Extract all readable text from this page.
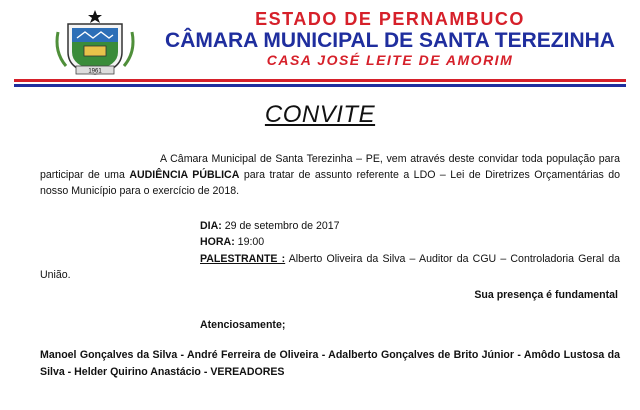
1961
ESTADO DE PERNAMBUCO
CÂMARA MUNICIPAL DE SANTA TEREZINHA
CASA JOSÉ LEITE DE AMORIM
CONVITE
A Câmara Municipal de Santa Terezinha – PE, vem através deste convidar toda população para participar de uma AUDIÊNCIA PÚBLICA para tratar de assunto referente a LDO – Lei de Diretrizes Orçamentárias do nosso Município para o exercício de 2018.
DIA: 29 de setembro de 2017
HORA: 19:00
PALESTRANTE : Alberto Oliveira da Silva – Auditor da CGU – Controladoria Geral da União.
Sua presença é fundamental
Atenciosamente;
Manoel Gonçalves da Silva - André Ferreira de Oliveira - Adalberto Gonçalves de Brito Júnior - Amôdo Lustosa da Silva - Helder Quirino Anastácio - VEREADORES
